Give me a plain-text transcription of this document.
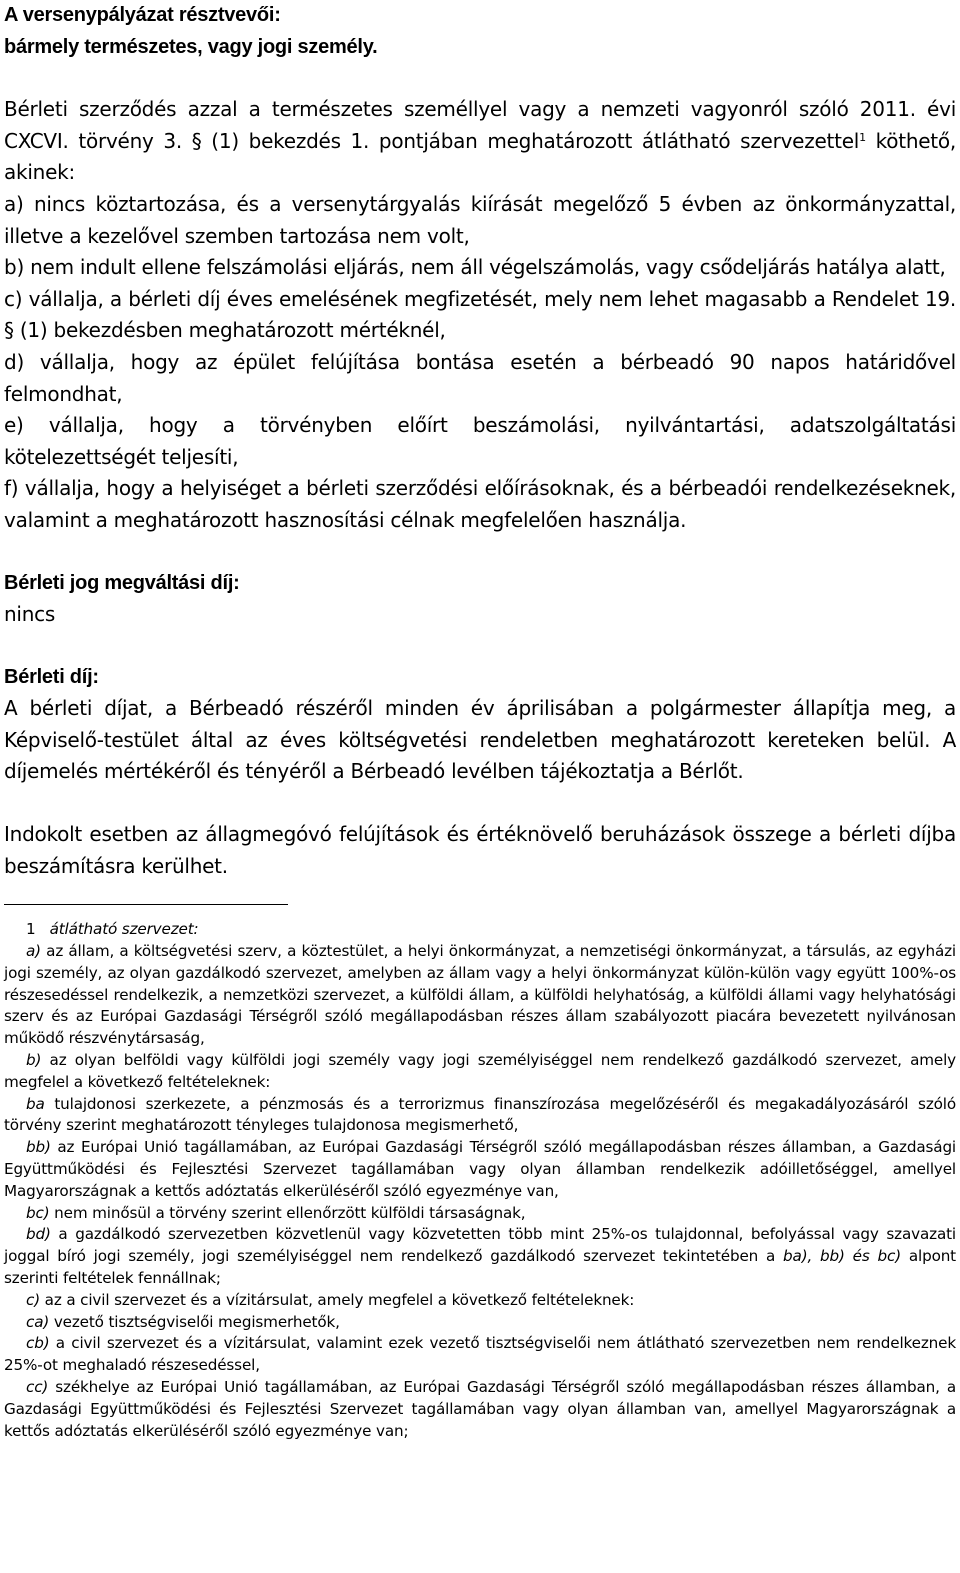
A versenypályázat résztvevői:

bármely természetes, vagy jogi személy.

Bérleti szerződés azzal a természetes személlyel vagy a nemzeti vagyonról szóló 2011. évi CXCVI. törvény 3. § (1) bekezdés 1. pontjában meghatározott átlátható szervezettel$^1$ köthető, akinek:

a) nincs köztartozása, és a versenytárgyalás kiírását megelőző 5 évben az önkormányzattal, illetve a kezelővel szemben tartozása nem volt,

b) nem indult ellene felszámolási eljárás, nem áll végelszámolás, vagy csődeljárás hatálya alatt,

c) vállalja, a bérleti díj éves emelésének megfizetését, mely nem lehet magasabb a Rendelet 19. § (1) bekezdésben meghatározott mértéknél,

d) vállalja, hogy az épület felújítása bontása esetén a bérbeadó 90 napos határidővel felmondhat,

e) vállalja, hogy a törvényben előírt beszámolási, nyilvántartási, adatszolgáltatási kötelezettségét teljesíti,

f) vállalja, hogy a helyiséget a bérleti szerződési előírásoknak, és a bérbeadói rendelkezéseknek, valamint a meghatározott hasznosítási célnak megfelelően használja.

Bérleti jog megváltási díj:

nincs

Bérleti díj:

A bérleti díjat, a Bérbeadó részéről minden év áprilisában a polgármester állapítja meg, a Képviselő-testület által az éves költségvetési rendeletben meghatározott kereteken belül. A díjemelés mértékéről és tényéről a Bérbeadó levélben tájékoztatja a Bérlőt.

Indokolt esetben az állagmegóvó felújítások és értéknövelő beruházások összege a bérleti díjba beszámításra kerülhet.

1 átlátható szervezet:

a) az állam, a költségvetési szerv, a köztestület, a helyi önkormányzat, a nemzetiségi önkormányzat, a társulás, az egyházi jogi személy, az olyan gazdálkodó szervezet, amelyben az állam vagy a helyi önkormányzat külön-külön vagy együtt 100%-os részesedéssel rendelkezik, a nemzetközi szervezet, a külföldi állam, a külföldi helyhatóság, a külföldi állami vagy helyhatósági szerv és az Európai Gazdasági Térségről szóló megállapodásban részes állam szabályozott piacára bevezetett nyilvánosan működő részvénytársaság,

b) az olyan belföldi vagy külföldi jogi személy vagy jogi személyiséggel nem rendelkező gazdálkodó szervezet, amely megfelel a következő feltételeknek:

ba tulajdonosi szerkezete, a pénzmosás és a terrorizmus finanszírozása megelőzéséről és megakadályozásáról szóló törvény szerint meghatározott tényleges tulajdonosa megismerhető,

bb) az Európai Unió tagállamában, az Európai Gazdasági Térségről szóló megállapodásban részes államban, a Gazdasági Együttműködési és Fejlesztési Szervezet tagállamában vagy olyan államban rendelkezik adóilletőséggel, amellyel Magyarországnak a kettős adóztatás elkerüléséről szóló egyezménye van,

bc) nem minősül a törvény szerint ellenőrzött külföldi társaságnak,

bd) a gazdálkodó szervezetben közvetlenül vagy közvetetten több mint 25%-os tulajdonnal, befolyással vagy szavazati joggal bíró jogi személy, jogi személyiséggel nem rendelkező gazdálkodó szervezet tekintetében a ba), bb) és bc) alpont szerinti feltételek fennállnak;

c) az a civil szervezet és a vízitársulat, amely megfelel a következő feltételeknek:

ca) vezető tisztségviselői megismerhetők,

cb) a civil szervezet és a vízitársulat, valamint ezek vezető tisztségviselői nem átlátható szervezetben nem rendelkeznek 25%-ot meghaladó részesedéssel,

cc) székhelye az Európai Unió tagállamában, az Európai Gazdasági Térségről szóló megállapodásban részes államban, a Gazdasági Együttműködési és Fejlesztési Szervezet tagállamában vagy olyan államban van, amellyel Magyarországnak a kettős adóztatás elkerüléséről szóló egyezménye van;
